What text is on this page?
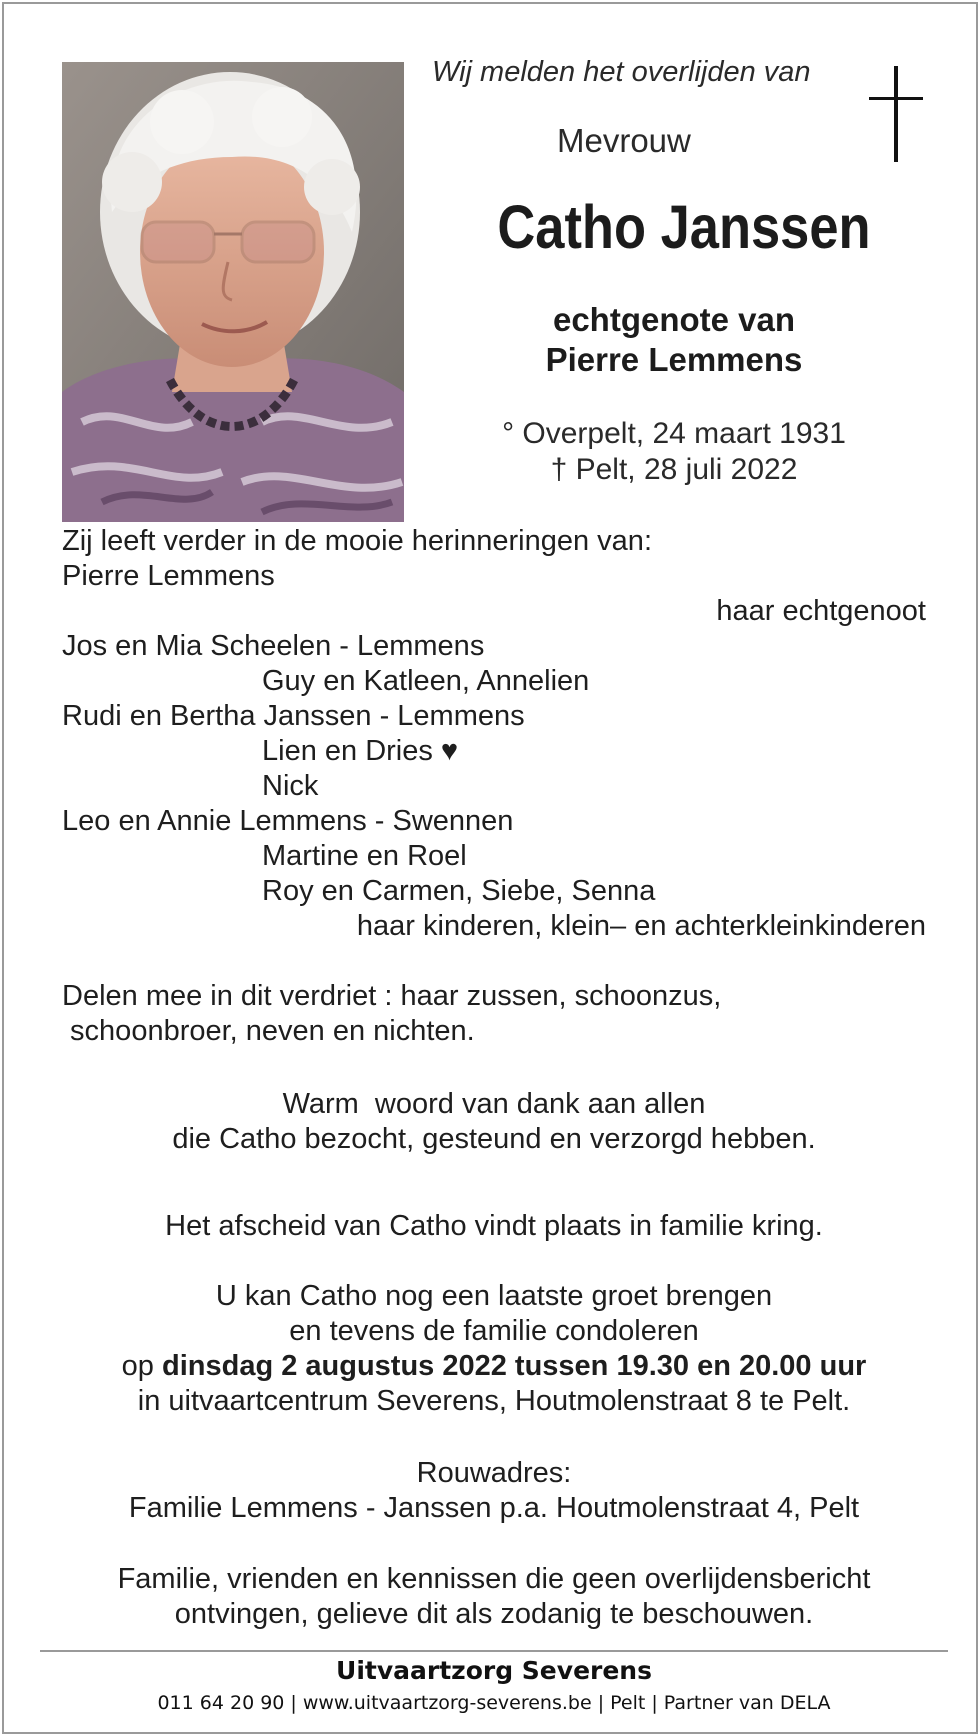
Wij melden het overlijden van
Mevrouw
Catho Janssen
echtgenote van
Pierre Lemmens
° Overpelt, 24 maart 1931
† Pelt, 28 juli 2022
Zij leeft verder in de mooie herinneringen van:
Pierre Lemmens
haar echtgenoot
Jos en Mia Scheelen - Lemmens
Guy en Katleen, Annelien
Rudi en Bertha Janssen - Lemmens
Lien en Dries ♥
Nick
Leo en Annie Lemmens - Swennen
Martine en Roel
Roy en Carmen, Siebe, Senna
haar kinderen, klein– en achterkleinkinderen
Delen mee in dit verdriet : haar zussen, schoonzus,
schoonbroer, neven en nichten.
Warm  woord van dank aan allen
die Catho bezocht, gesteund en verzorgd hebben.
Het afscheid van Catho vindt plaats in familie kring.
U kan Catho nog een laatste groet brengen
en tevens de familie condoleren
op dinsdag 2 augustus 2022 tussen 19.30 en 20.00 uur
in uitvaartcentrum Severens, Houtmolenstraat 8 te Pelt.
Rouwadres:
Familie Lemmens - Janssen p.a. Houtmolenstraat 4, Pelt
Familie, vrienden en kennissen die geen overlijdensbericht
ontvingen, gelieve dit als zodanig te beschouwen.
Uitvaartzorg Severens
011 64 20 90 | www.uitvaartzorg-severens.be | Pelt | Partner van DELA
